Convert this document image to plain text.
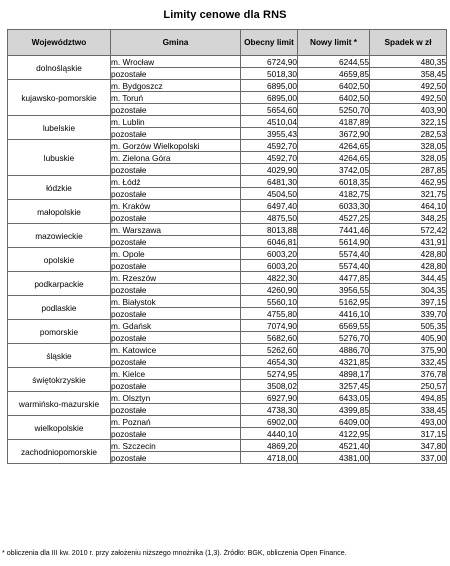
Limity cenowe dla RNS
Województwo	Gmina	Obecny limit	Nowy limit *	Spadek w zł
dolnośląskie	m. Wrocław	6724,90	6244,55	480,35
	pozostałe	5018,30	4659,85	358,45
kujawsko-pomorskie	m. Bydgoszcz	6895,00	6402,50	492,50
	m. Toruń	6895,00	6402,50	492,50
	pozostałe	5654,60	5250,70	403,90
lubelskie	m. Lublin	4510,04	4187,89	322,15
	pozostałe	3955,43	3672,90	282,53
lubuskie	m. Gorzów Wielkopolski	4592,70	4264,65	328,05
	m. Zielona Góra	4592,70	4264,65	328,05
	pozostałe	4029,90	3742,05	287,85
łódzkie	m. Łódź	6481,30	6018,35	462,95
	pozostałe	4504,50	4182,75	321,75
małopolskie	m. Kraków	6497,40	6033,30	464,10
	pozostałe	4875,50	4527,25	348,25
mazowieckie	m. Warszawa	8013,88	7441,46	572,42
	pozostałe	6046,81	5614,90	431,91
opolskie	m. Opole	6003,20	5574,40	428,80
	pozostałe	6003,20	5574,40	428,80
podkarpackie	m. Rzeszów	4822,30	4477,85	344,45
	pozostałe	4260,90	3956,55	304,35
podlaskie	m. Białystok	5560,10	5162,95	397,15
	pozostałe	4755,80	4416,10	339,70
pomorskie	m. Gdańsk	7074,90	6569,55	505,35
	pozostałe	5682,60	5276,70	405,90
śląskie	m. Katowice	5262,60	4886,70	375,90
	pozostałe	4654,30	4321,85	332,45
świętokrzyskie	m. Kielce	5274,95	4898,17	376,78
	pozostałe	3508,02	3257,45	250,57
warmińsko-mazurskie	m. Olsztyn	6927,90	6433,05	494,85
	pozostałe	4738,30	4399,85	338,45
wielkopolskie	m. Poznań	6902,00	6409,00	493,00
	pozostałe	4440,10	4122,95	317,15
zachodniopomorskie	m. Szczecin	4869,20	4521,40	347,80
	pozostałe	4718,00	4381,00	337,00
* obliczenia dla III kw. 2010 r. przy założeniu niższego mnożnika (1,3). Źródło: BGK, obliczenia Open Finance.
